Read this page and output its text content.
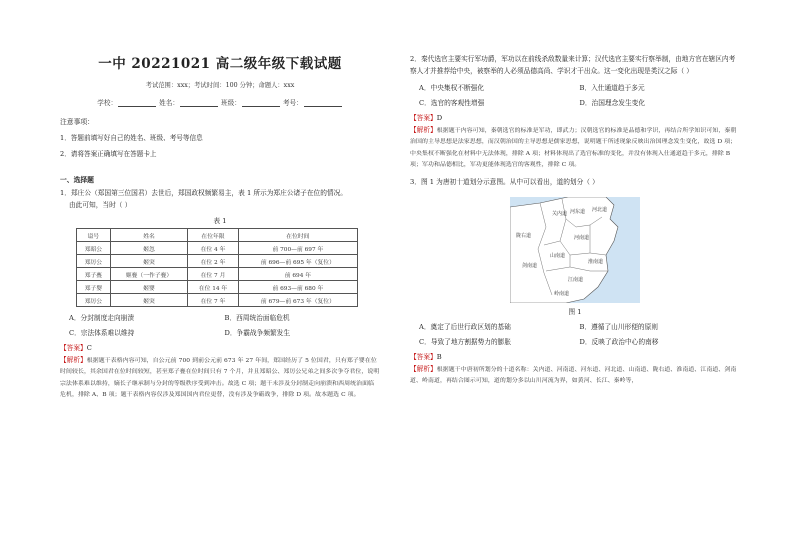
一中 20221021 高二级年级下载试题
考试范围：xxx；考试时间：100 分钟；命题人：xxx
学校：	姓名：	班级：	考号：
注意事项：
1．答题前填写好自己的姓名、班级、考号等信息
2．请将答案正确填写在答题卡上
一、选择题
1．郑庄公（郑国第三位国君）去世后，郑国政权频繁易主，表 1 所示为郑庄公诸子在位的情况。
由此可知，当时（ ）
表 1
谥号	姓名	在位年限	在位时间
郑昭公	姬忽	在位 4 年	前 700—前 697 年
郑厉公	姬突	在位 2 年	前 696—前 695 年（复位）
郑子亹	姬亹（一作子亹）	在位 7 月	前 694 年
郑子婴	姬婴	在位 14 年	前 693—前 680 年
郑厉公	姬突	在位 7 年	前 679—前 673 年（复位）
A．分封制度走向崩溃	B．西周统治面临危机
C．宗法体系难以维持	D．争霸战争频繁发生
【答案】C
【解析】根据题干表格内容可知，自公元前 700 到前公元前 673 年 27 年间，郑国经历了 5 位国君，只有郑子婴在位时间较长，其余国君在位时间较短，甚至郑子亹在位时间只有 7 个月，并且郑昭公、郑厉公兄弟之间多次争夺君位，说明宗法体系难以维持，嫡长子继承制与分封的等级秩序受到冲击。故选 C 项；题干未涉及分封制走向崩溃和西周统治面临危机，排除 A、B 项；题干表格内容仅涉及郑国国内君位更替，没有涉及争霸战争，排除 D 项。故本题选 C 项。
2．秦代选官主要实行军功爵，军功以在前线杀敌数量来计算；汉代选官主要实行察举制，由地方官在辖区内考察人才并推荐给中央，被察举的人必须品德高尚、学识才干出众。这一变化出现是类汉之际（ ）
A．中央集权不断强化	B．入仕通道趋于多元
C．选官的客观性增强	D．治国理念发生变化
【答案】D
【解析】根据题干内容可知，秦朝选官的标准是军功，即武力；汉朝选官的标准是品德和学识，再结合所学知识可知，秦朝治国的主导思想是法家思想，而汉朝治国的主导思想是儒家思想，说明题干所述现象反映出治国理念发生变化，故选 D 项；中央集权不断强化在材料中无法体现，排除 A 项；材料体现出了选官标准的变化，并没有体现入仕通道趋于多元，排除 B 项；军功和品德相比，军功更能体现选官的客观性，排除 C 项。
3．图 1 为唐初十道划分示意图。从中可以看出，道的划分（ ）
关内道 河东道 河北道
陇右道	河南道
山南道
淮南道
江南道
剑南道
岭南道
图 1
A．奠定了后世行政区划的基础	B．遵循了山川形便的原则
C．导致了地方割据势力的膨胀	D．反映了政治中心的南移
【答案】B
【解析】根据题干中唐初所划分的十道名称：关内道、河南道、河东道、河北道、山南道、陇右道、淮南道、江南道、剑南道、岭南道，再结合图示可知，道的划分多以山川河流为界，如黄河、长江、秦岭等，
